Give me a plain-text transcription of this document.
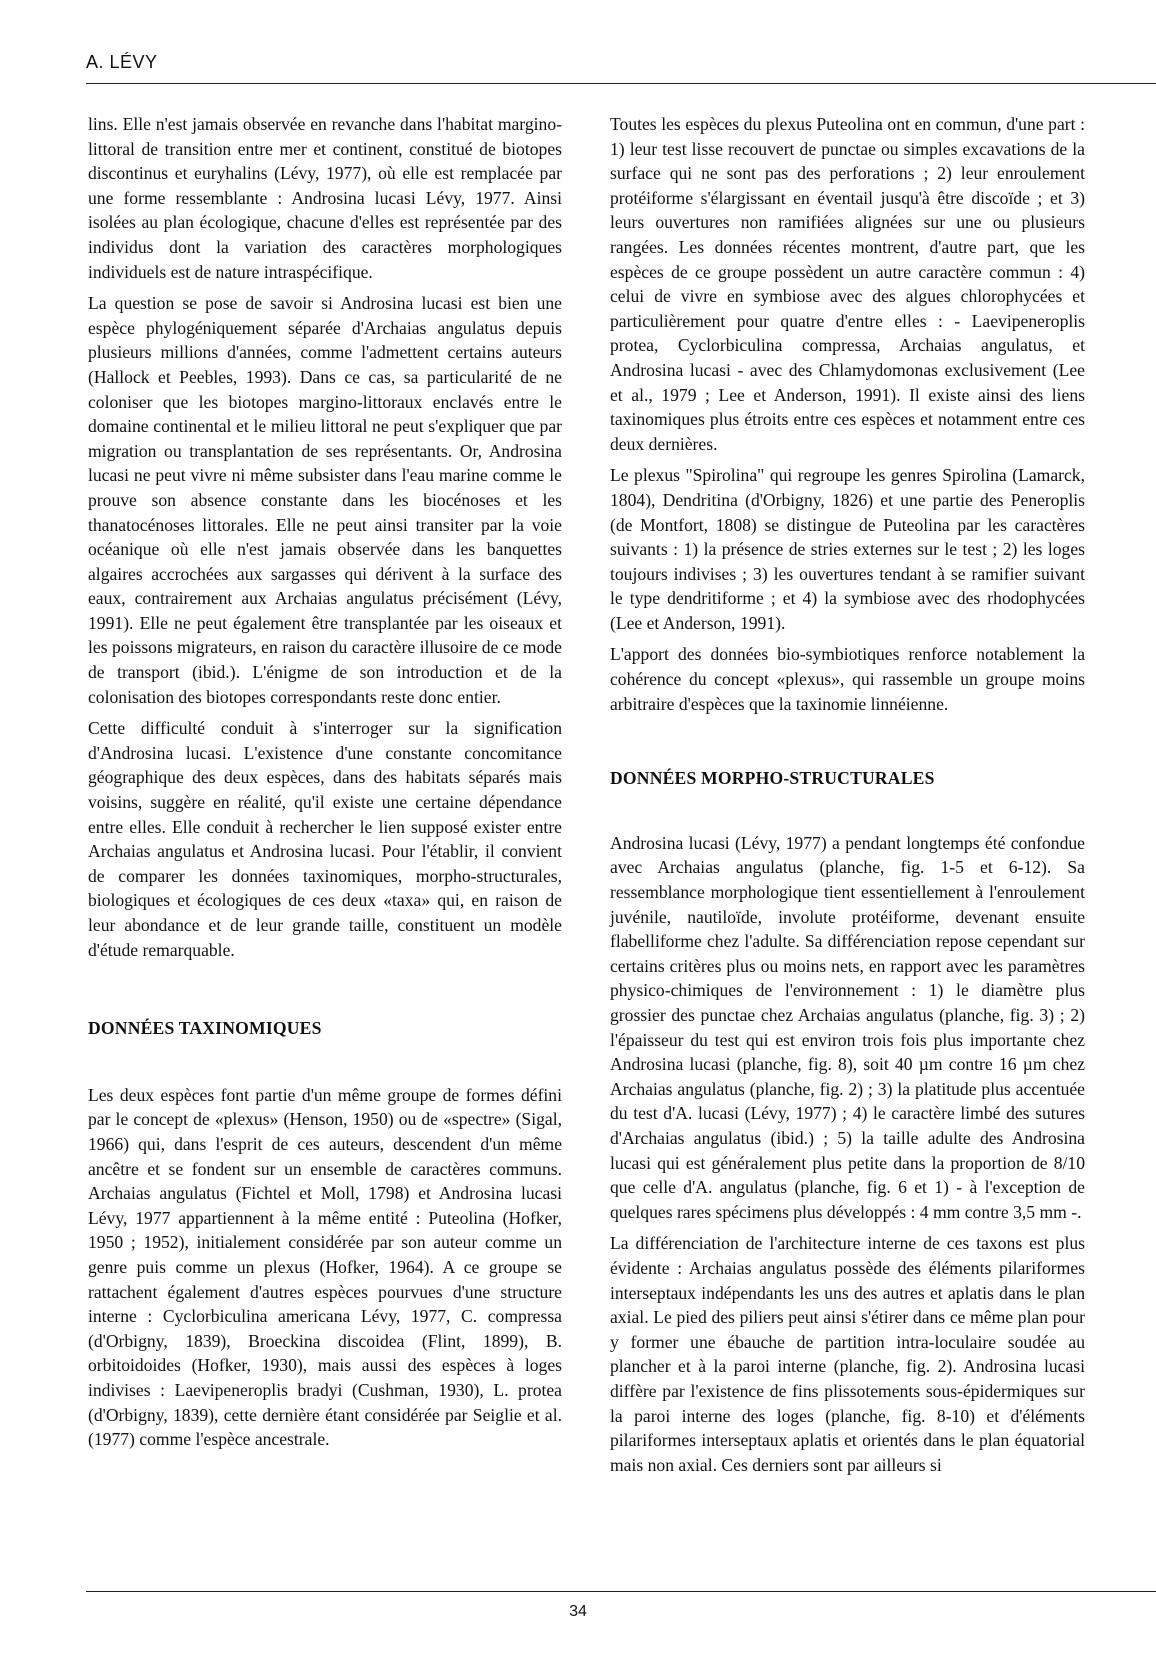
A. LÉVY

lins. Elle n'est jamais observée en revanche dans l'habitat margino-littoral de transition entre mer et continent, constitué de biotopes discontinus et euryhalins (Lévy, 1977), où elle est remplacée par une forme ressemblante : Androsina lucasi Lévy, 1977. Ainsi isolées au plan écologique, chacune d'elles est représentée par des individus dont la variation des caractères morphologiques individuels est de nature intraspécifique.

La question se pose de savoir si Androsina lucasi est bien une espèce phylogéniquement séparée d'Archaias angulatus depuis plusieurs millions d'années, comme l'admettent certains auteurs (Hallock et Peebles, 1993). Dans ce cas, sa particularité de ne coloniser que les biotopes margino-littoraux enclavés entre le domaine continental et le milieu littoral ne peut s'expliquer que par migration ou transplantation de ses représentants. Or, Androsina lucasi ne peut vivre ni même subsister dans l'eau marine comme le prouve son absence constante dans les biocénoses et les thanatocénoses littorales. Elle ne peut ainsi transiter par la voie océanique où elle n'est jamais observée dans les banquettes algaires accrochées aux sargasses qui dérivent à la surface des eaux, contrairement aux Archaias angulatus précisément (Lévy, 1991). Elle ne peut également être transplantée par les oiseaux et les poissons migrateurs, en raison du caractère illusoire de ce mode de transport (ibid.). L'énigme de son introduction et de la colonisation des biotopes correspondants reste donc entier.

Cette difficulté conduit à s'interroger sur la signification d'Androsina lucasi. L'existence d'une constante concomitance géographique des deux espèces, dans des habitats séparés mais voisins, suggère en réalité, qu'il existe une certaine dépendance entre elles. Elle conduit à rechercher le lien supposé exister entre Archaias angulatus et Androsina lucasi. Pour l'établir, il convient de comparer les données taxinomiques, morpho-structurales, biologiques et écologiques de ces deux «taxa» qui, en raison de leur abondance et de leur grande taille, constituent un modèle d'étude remarquable.

DONNÉES TAXINOMIQUES

Les deux espèces font partie d'un même groupe de formes défini par le concept de «plexus» (Henson, 1950) ou de «spectre» (Sigal, 1966) qui, dans l'esprit de ces auteurs, descendent d'un même ancêtre et se fondent sur un ensemble de caractères communs. Archaias angulatus (Fichtel et Moll, 1798) et Androsina lucasi Lévy, 1977 appartiennent à la même entité : Puteolina (Hofker, 1950 ; 1952), initialement considérée par son auteur comme un genre puis comme un plexus (Hofker, 1964). A ce groupe se rattachent également d'autres espèces pourvues d'une structure interne : Cyclorbiculina americana Lévy, 1977, C. compressa (d'Orbigny, 1839), Broeckina discoidea (Flint, 1899), B. orbitoidoides (Hofker, 1930), mais aussi des espèces à loges indivises : Laevipeneroplis bradyi (Cushman, 1930), L. protea (d'Orbigny, 1839), cette dernière étant considérée par Seiglie et al. (1977) comme l'espèce ancestrale.

Toutes les espèces du plexus Puteolina ont en commun, d'une part : 1) leur test lisse recouvert de punctae ou simples excavations de la surface qui ne sont pas des perforations ; 2) leur enroulement protéiforme s'élargissant en éventail jusqu'à être discoïde ; et 3) leurs ouvertures non ramifiées alignées sur une ou plusieurs rangées. Les données récentes montrent, d'autre part, que les espèces de ce groupe possèdent un autre caractère commun : 4) celui de vivre en symbiose avec des algues chlorophycées et particulièrement pour quatre d'entre elles : - Laevipeneroplis protea, Cyclorbiculina compressa, Archaias angulatus, et Androsina lucasi - avec des Chlamydomonas exclusivement (Lee et al., 1979 ; Lee et Anderson, 1991). Il existe ainsi des liens taxinomiques plus étroits entre ces espèces et notamment entre ces deux dernières.

Le plexus "Spirolina" qui regroupe les genres Spirolina (Lamarck, 1804), Dendritina (d'Orbigny, 1826) et une partie des Peneroplis (de Montfort, 1808) se distingue de Puteolina par les caractères suivants : 1) la présence de stries externes sur le test ; 2) les loges toujours indivises ; 3) les ouvertures tendant à se ramifier suivant le type dendritiforme ; et 4) la symbiose avec des rhodophycées (Lee et Anderson, 1991).

L'apport des données bio-symbiotiques renforce notablement la cohérence du concept «plexus», qui rassemble un groupe moins arbitraire d'espèces que la taxinomie linnéienne.

DONNÉES MORPHO-STRUCTURALES

Androsina lucasi (Lévy, 1977) a pendant longtemps été confondue avec Archaias angulatus (planche, fig. 1-5 et 6-12). Sa ressemblance morphologique tient essentiellement à l'enroulement juvénile, nautiloïde, involute protéiforme, devenant ensuite flabelliforme chez l'adulte. Sa différenciation repose cependant sur certains critères plus ou moins nets, en rapport avec les paramètres physico-chimiques de l'environnement : 1) le diamètre plus grossier des punctae chez Archaias angulatus (planche, fig. 3) ; 2) l'épaisseur du test qui est environ trois fois plus importante chez Androsina lucasi (planche, fig. 8), soit 40 µm contre 16 µm chez Archaias angulatus (planche, fig. 2) ; 3) la platitude plus accentuée du test d'A. lucasi (Lévy, 1977) ; 4) le caractère limbé des sutures d'Archaias angulatus (ibid.) ; 5) la taille adulte des Androsina lucasi qui est généralement plus petite dans la proportion de 8/10 que celle d'A. angulatus (planche, fig. 6 et 1) - à l'exception de quelques rares spécimens plus développés : 4 mm contre 3,5 mm -.

La différenciation de l'architecture interne de ces taxons est plus évidente : Archaias angulatus possède des éléments pilariformes interseptaux indépendants les uns des autres et aplatis dans le plan axial. Le pied des piliers peut ainsi s'étirer dans ce même plan pour y former une ébauche de partition intra-loculaire soudée au plancher et à la paroi interne (planche, fig. 2). Androsina lucasi diffère par l'existence de fins plissotements sous-épidermiques sur la paroi interne des loges (planche, fig. 8-10) et d'éléments pilariformes interseptaux aplatis et orientés dans le plan équatorial mais non axial. Ces derniers sont par ailleurs si

34
